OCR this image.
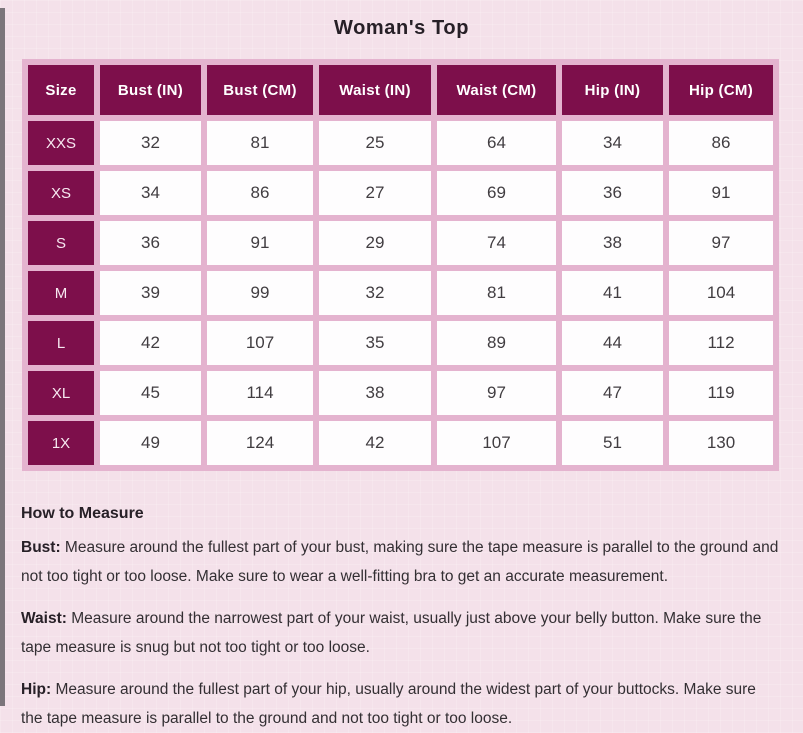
Woman's Top
Size	Bust (IN)	Bust (CM)	Waist (IN)	Waist (CM)	Hip (IN)	Hip (CM)
XXS	32	81	25	64	34	86
XS	34	86	27	69	36	91
S	36	91	29	74	38	97
M	39	99	32	81	41	104
L	42	107	35	89	44	112
XL	45	114	38	97	47	119
1X	49	124	42	107	51	130
How to Measure

Bust: Measure around the fullest part of your bust, making sure the tape measure is parallel to the ground and not too tight or too loose. Make sure to wear a well-fitting bra to get an accurate measurement.

Waist: Measure around the narrowest part of your waist, usually just above your belly button. Make sure the tape measure is snug but not too tight or too loose.

Hip: Measure around the fullest part of your hip, usually around the widest part of your buttocks. Make sure the tape measure is parallel to the ground and not too tight or too loose.
